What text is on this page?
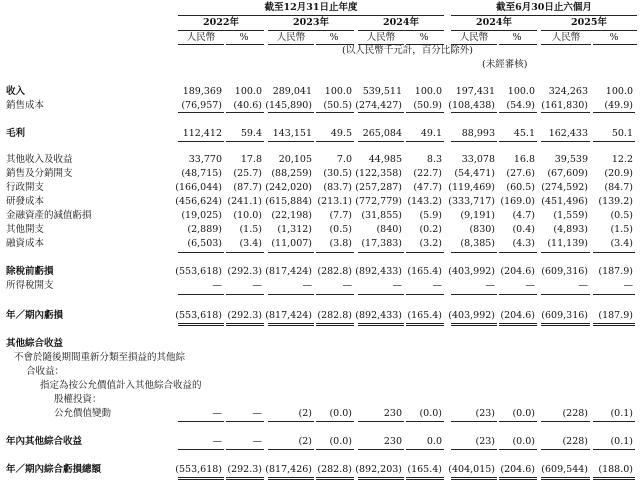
截至12月31日止年度	截至6月30日止六個月
2022年	2023年	2024年	2024年	2025年
人民幣	%	人民幣	%	人民幣	%	人民幣	%	人民幣	%
(以人民幣千元計，百分比除外)
(未經審核)
收入	189,369	100.0	289,041	100.0	539,511	100.0	197,431	100.0	324,263	100.0
銷售成本	(76,957)	(40.6) (145,890)	(50.5) (274,427)	(50.9) (108,438)	(54.9) (161,830)	(49.9)
毛利	112,412	59.4	143,151	49.5	265,084	49.1	88,993	45.1	162,433	50.1
其他收入及收益	33,770	17.8	20,105	7.0	44,985	8.3	33,078	16.8	39,539	12.2
銷售及分銷開支	(48,715)	(25.7) (88,259)	(30.5) (122,358)	(22.7)	(54,471)	(27.6)	(67,609)	(20.9)
行政開支	(166,044)	(87.7) (242,020)	(83.7) (257,287)	(47.7) (119,469)	(60.5) (274,592)	(84.7)
研發成本	(456,624) (241.1) (615,884) (213.1) (772,779) (143.2) (333,717) (169.0) (451,496)	(139.2)
金融資產的減值虧損	(19,025)	(10.0) (22,198)	(7.7) (31,855)	(5.9)	(9,191)	(4.7)	(1,559)	(0.5)
其他開支	(2,889)	(1.5)	(1,312)	(0.5)	(840)	(0.2)	(830)	(0.4)	(4,893)	(1.5)
融資成本	(6,503)	(3.4) (11,007)	(3.8) (17,383)	(3.2)	(8,385)	(4.3)	(11,139)	(3.4)
除稅前虧損	(553,618) (292.3) (817,424) (282.8) (892,433) (165.4) (403,992) (204.6) (609,316)	(187.9)
所得稅開支	—	—	—	—	—	—	—	—	—	—
年／期內虧損	(553,618) (292.3) (817,424) (282.8) (892,433) (165.4) (403,992) (204.6) (609,316)	(187.9)
其他綜合收益
不會於隨後期間重新分類至損益的其他綜
合收益：
指定為按公允價值計入其他綜合收益的
股權投資：
公允價值變動	—	—	(2)	(0.0)	230	(0.0)	(23)	(0.0)	(228)	(0.1)
年內其他綜合收益	—	—	(2)	(0.0)	230	0.0	(23)	(0.0)	(228)	(0.1)
年／期內綜合虧損總額	(553,618) (292.3) (817,426) (282.8) (892,203) (165.4) (404,015) (204.6) (609,544)	(188.0)
